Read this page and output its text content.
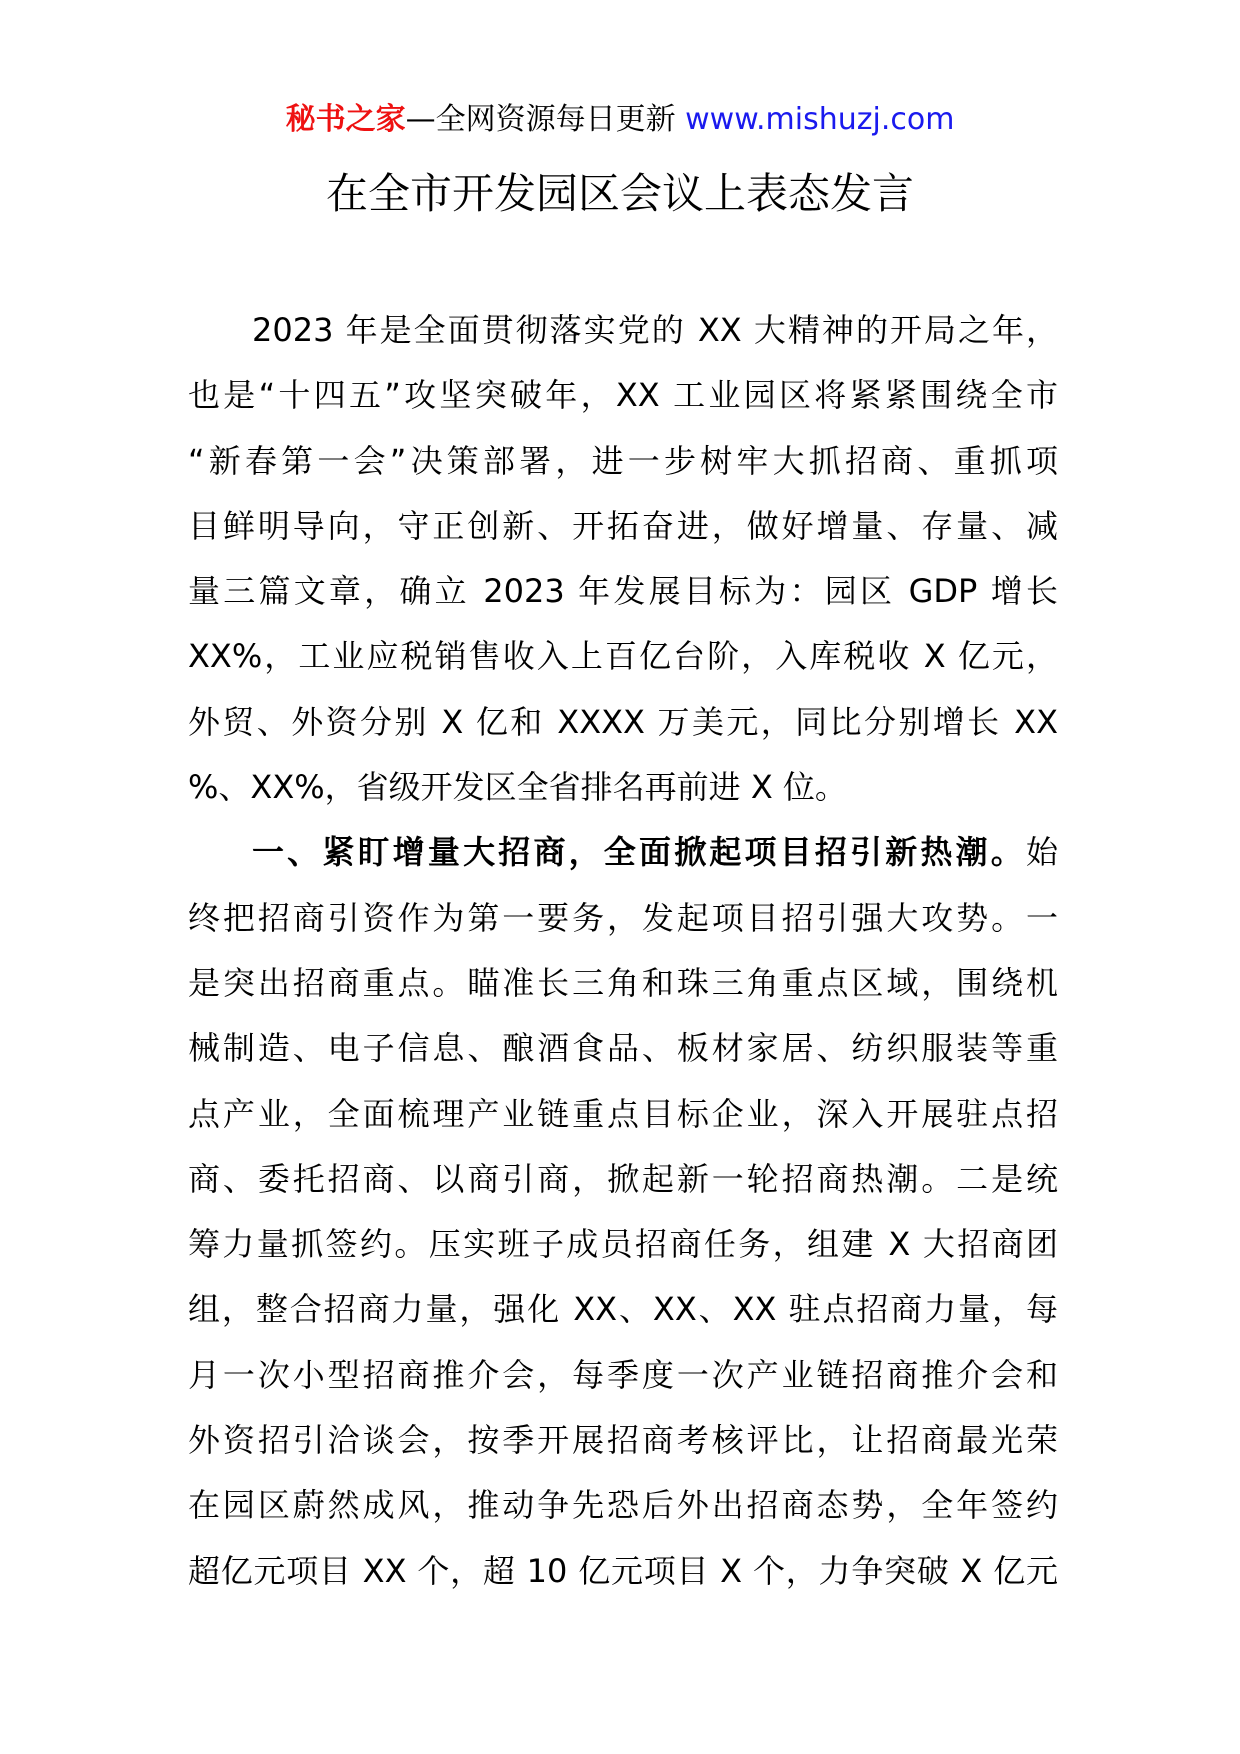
秘书之家—全网资源每日更新 www.mishuzj.com
在全市开发园区会议上表态发言
2023 年是全面贯彻落实党的 XX 大精神的开局之年，
也是“十四五”攻坚突破年，XX 工业园区将紧紧围绕全市
“新春第一会”决策部署，进一步树牢大抓招商、重抓项
目鲜明导向，守正创新、开拓奋进，做好增量、存量、减
量三篇文章，确立 2023 年发展目标为：园区 GDP 增长
XX%，工业应税销售收入上百亿台阶，入库税收 X 亿元，
外贸、外资分别 X 亿和 XXXX 万美元，同比分别增长 XX
%、XX%，省级开发区全省排名再前进 X 位。
一、紧盯增量大招商，全面掀起项目招引新热潮。始
终把招商引资作为第一要务，发起项目招引强大攻势。一
是突出招商重点。瞄准长三角和珠三角重点区域，围绕机
械制造、电子信息、酿酒食品、板材家居、纺织服装等重
点产业，全面梳理产业链重点目标企业，深入开展驻点招
商、委托招商、以商引商，掀起新一轮招商热潮。二是统
筹力量抓签约。压实班子成员招商任务，组建 X 大招商团
组，整合招商力量，强化 XX、XX、XX 驻点招商力量，每
月一次小型招商推介会，每季度一次产业链招商推介会和
外资招引洽谈会，按季开展招商考核评比，让招商最光荣
在园区蔚然成风，推动争先恐后外出招商态势，全年签约
超亿元项目 XX 个，超 10 亿元项目 X 个，力争突破 X 亿元
